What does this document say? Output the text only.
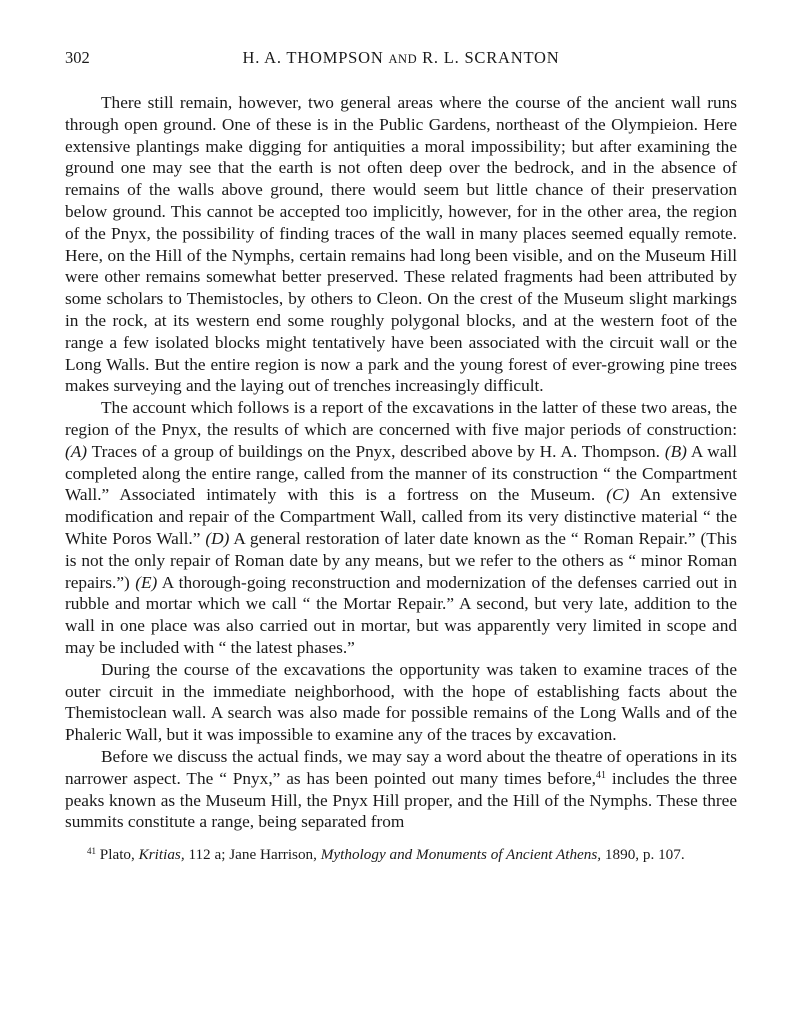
302	H. A. THOMPSON AND R. L. SCRANTON

There still remain, however, two general areas where the course of the ancient wall runs through open ground. One of these is in the Public Gardens, northeast of the Olympieion. Here extensive plantings make digging for antiquities a moral impossibility; but after examining the ground one may see that the earth is not often deep over the bedrock, and in the absence of remains of the walls above ground, there would seem but little chance of their preservation below ground. This cannot be accepted too implicitly, however, for in the other area, the region of the Pnyx, the possibility of finding traces of the wall in many places seemed equally remote. Here, on the Hill of the Nymphs, certain remains had long been visible, and on the Museum Hill were other remains somewhat better preserved. These related fragments had been attributed by some scholars to Themistocles, by others to Cleon. On the crest of the Museum slight markings in the rock, at its western end some roughly polygonal blocks, and at the western foot of the range a few isolated blocks might tentatively have been associated with the circuit wall or the Long Walls. But the entire region is now a park and the young forest of ever-growing pine trees makes surveying and the laying out of trenches increasingly difficult.

The account which follows is a report of the excavations in the latter of these two areas, the region of the Pnyx, the results of which are concerned with five major periods of construction: (A) Traces of a group of buildings on the Pnyx, described above by H. A. Thompson. (B) A wall completed along the entire range, called from the manner of its construction “ the Compartment Wall.” Associated intimately with this is a fortress on the Museum. (C) An extensive modification and repair of the Compartment Wall, called from its very distinctive material “ the White Poros Wall.” (D) A general restoration of later date known as the “ Roman Repair.” (This is not the only repair of Roman date by any means, but we refer to the others as “ minor Roman repairs.”) (E) A thorough-going reconstruction and modernization of the defenses carried out in rubble and mortar which we call “ the Mortar Repair.” A second, but very late, addition to the wall in one place was also carried out in mortar, but was apparently very limited in scope and may be included with “ the latest phases.”

During the course of the excavations the opportunity was taken to examine traces of the outer circuit in the immediate neighborhood, with the hope of establishing facts about the Themistoclean wall. A search was also made for possible remains of the Long Walls and of the Phaleric Wall, but it was impossible to examine any of the traces by excavation.

Before we discuss the actual finds, we may say a word about the theatre of operations in its narrower aspect. The “ Pnyx,” as has been pointed out many times before,$^{41}$ includes the three peaks known as the Museum Hill, the Pnyx Hill proper, and the Hill of the Nymphs. These three summits constitute a range, being separated from

$^{41}$ Plato, Kritias, 112 a; Jane Harrison, Mythology and Monuments of Ancient Athens, 1890, p. 107.
